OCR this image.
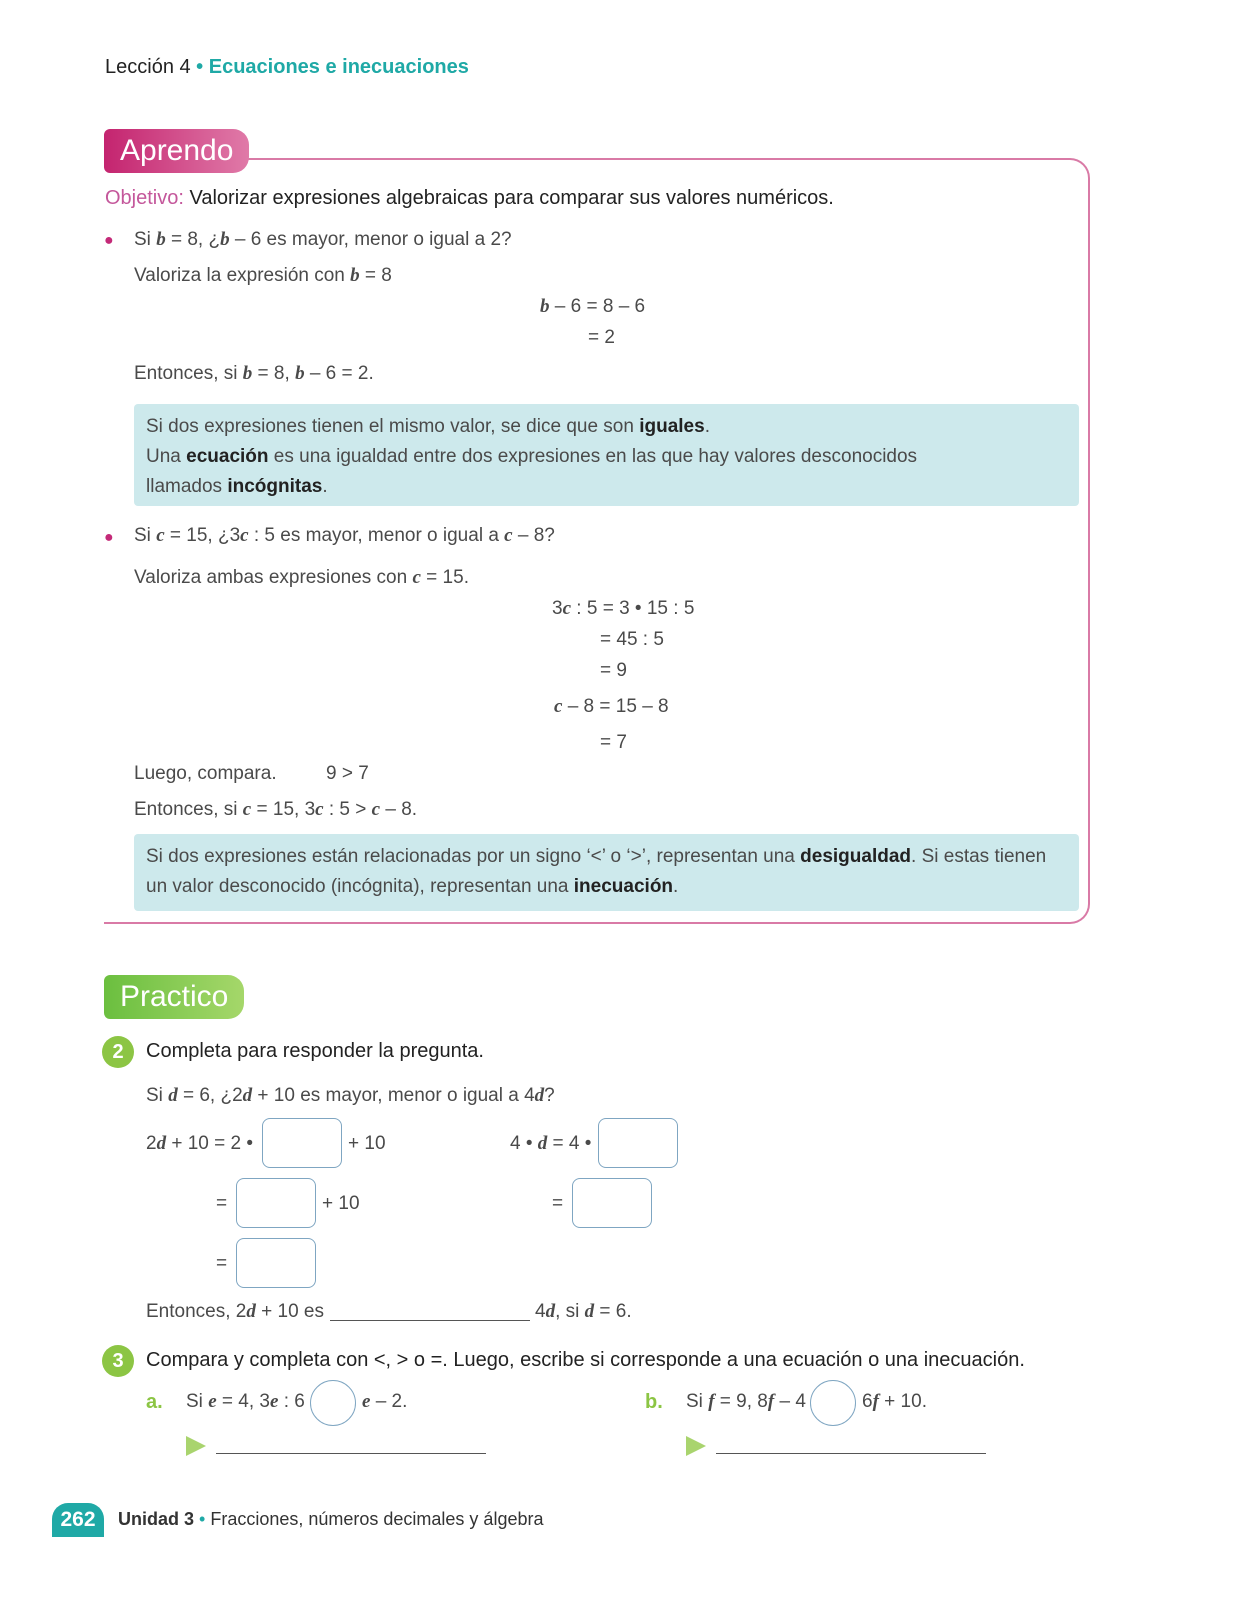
Lección 4 • Ecuaciones e inecuaciones
Aprendo
Objetivo: Valorizar expresiones algebraicas para comparar sus valores numéricos.
● Si b = 8, ¿b – 6 es mayor, menor o igual a 2?
Valoriza la expresión con b = 8
b – 6 = 8 – 6
= 2
Entonces, si b = 8, b – 6 = 2.
Si dos expresiones tienen el mismo valor, se dice que son iguales.
Una ecuación es una igualdad entre dos expresiones en las que hay valores desconocidos
llamados incógnitas.
● Si c = 15, ¿3c : 5 es mayor, menor o igual a c – 8?
Valoriza ambas expresiones con c = 15.
3c : 5 = 3 • 15 : 5
= 45 : 5
= 9
c – 8 = 15 – 8
= 7
Luego, compara.	9 > 7
Entonces, si c = 15, 3c : 5 > c – 8.
Si dos expresiones están relacionadas por un signo ‘<’ o ‘>’, representan una desigualdad. Si estas tienen
un valor desconocido (incógnita), representan una inecuación.
Practico
2	Completa para responder la pregunta.
Si d = 6, ¿2d + 10 es mayor, menor o igual a 4d?
2d + 10 = 2 •	+ 10
=	+ 10
=
4 • d = 4 •
=
Entonces, 2d + 10 es	4d, si d = 6.
3	Compara y completa con <, > o =. Luego, escribe si corresponde a una ecuación o una inecuación.
a. Si e = 4, 3e : 6	e – 2.	b. Si f = 9, 8f – 4	6f + 10.
262	Unidad 3 • Fracciones, números decimales y álgebra
